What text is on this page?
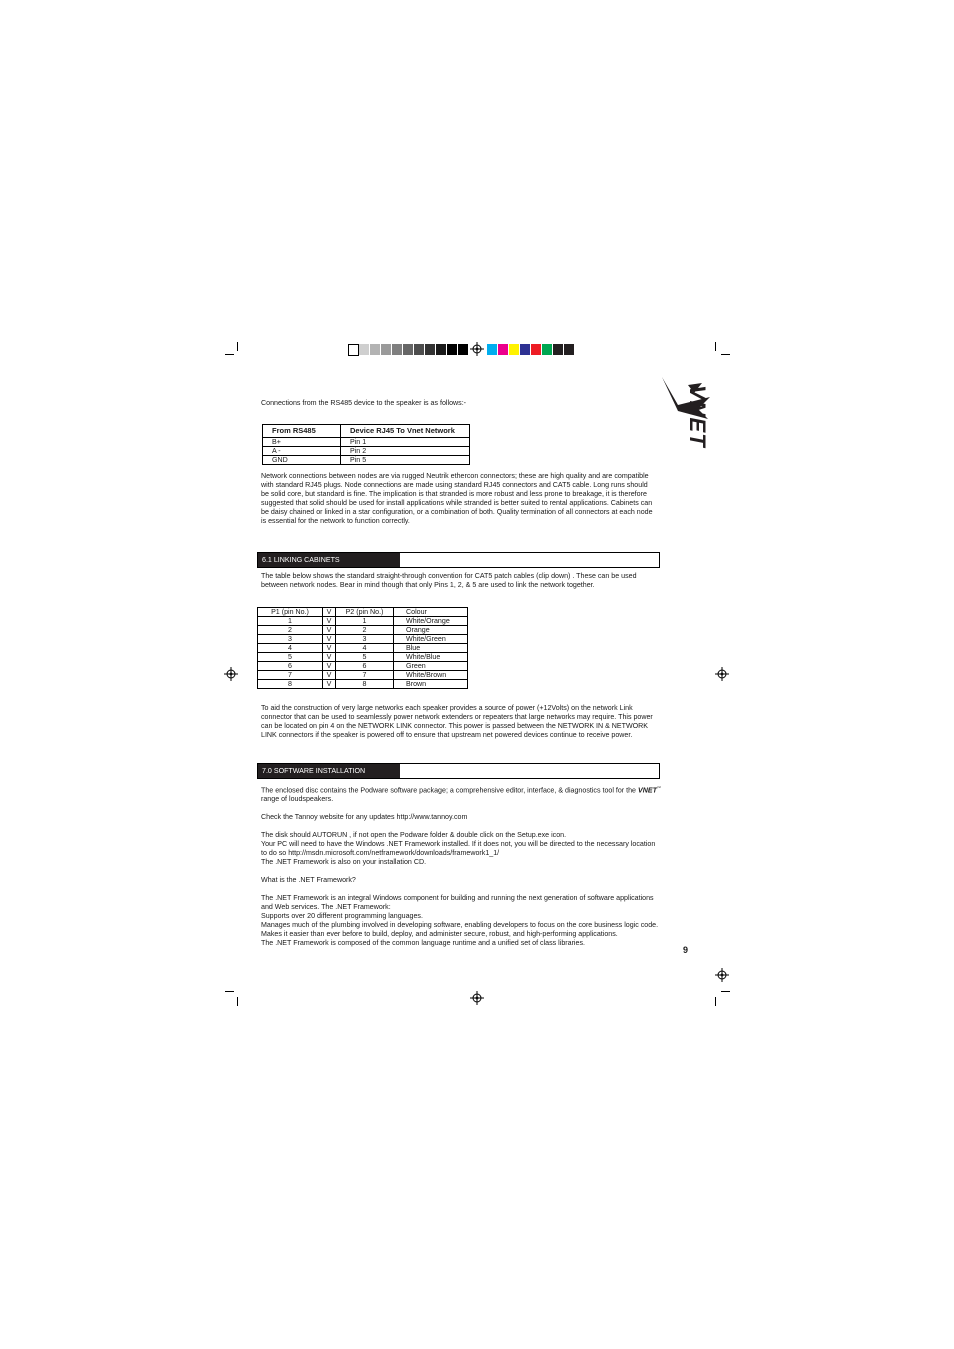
VNET
Connections from the RS485 device to the speaker is as follows:-
From RS485	Device RJ45 To Vnet Network
B+	Pin 1
A -	Pin 2
GND	Pin 5
Network connections between nodes are via rugged Neutrik ethercon connectors; these are high quality and are compatible
with standard RJ45 plugs. Node connections are made using standard RJ45 connectors and CAT5 cable. Long runs should
be solid core, but standard is fine. The implication is that stranded is more robust and less prone to breakage, it is therefore
suggested that solid should be used for install applications while stranded is better suited to rental applications. Cabinets can
be daisy chained or linked in a star configuration, or a combination of both. Quality termination of all connectors at each node
is essential for the network to function correctly.
6.1 LINKING CABINETS
The table below shows the standard straight-through convention for CAT5 patch cables (clip down) . These can be used
between network nodes. Bear in mind though that only Pins 1, 2, & 5 are used to link the network together.
P1 (pin No.)	V	P2 (pin No.)	Colour
1	V	1	White/Orange
2	V	2	Orange
3	V	3	White/Green
4	V	4	Blue
5	V	5	White/Blue
6	V	6	Green
7	V	7	White/Brown
8	V	8	Brown
To aid the construction of very large networks each speaker provides a source of power (+12Volts) on the network Link
connector that can be used to seamlessly power network extenders or repeaters that large networks may require. This power
can be located on pin 4 on the NETWORK LINK connector. This power is passed between the NETWORK IN & NETWORK
LINK connectors if the speaker is powered off to ensure that upstream net powered devices continue to receive power.
7.0 SOFTWARE INSTALLATION
The enclosed disc contains the Podware software package; a comprehensive editor, interface, & diagnostics tool for the VNET™
range of loudspeakers.
Check the Tannoy website for any updates http://www.tannoy.com
The disk should AUTORUN , if not open the Podware folder & double click on the Setup.exe icon.
Your PC will need to have the Windows .NET Framework installed. If it does not, you will be directed to the necessary location
to do so http://msdn.microsoft.com/netframework/downloads/framework1_1/
The .NET Framework is also on your installation CD.
What is the .NET Framework?
The .NET Framework is an integral Windows component for building and running the next generation of software applications
and Web services. The .NET Framework:
Supports over 20 different programming languages.
Manages much of the plumbing involved in developing software, enabling developers to focus on the core business logic code.
Makes it easier than ever before to build, deploy, and administer secure, robust, and high-performing applications.
The .NET Framework is composed of the common language runtime and a unified set of class libraries.
9
